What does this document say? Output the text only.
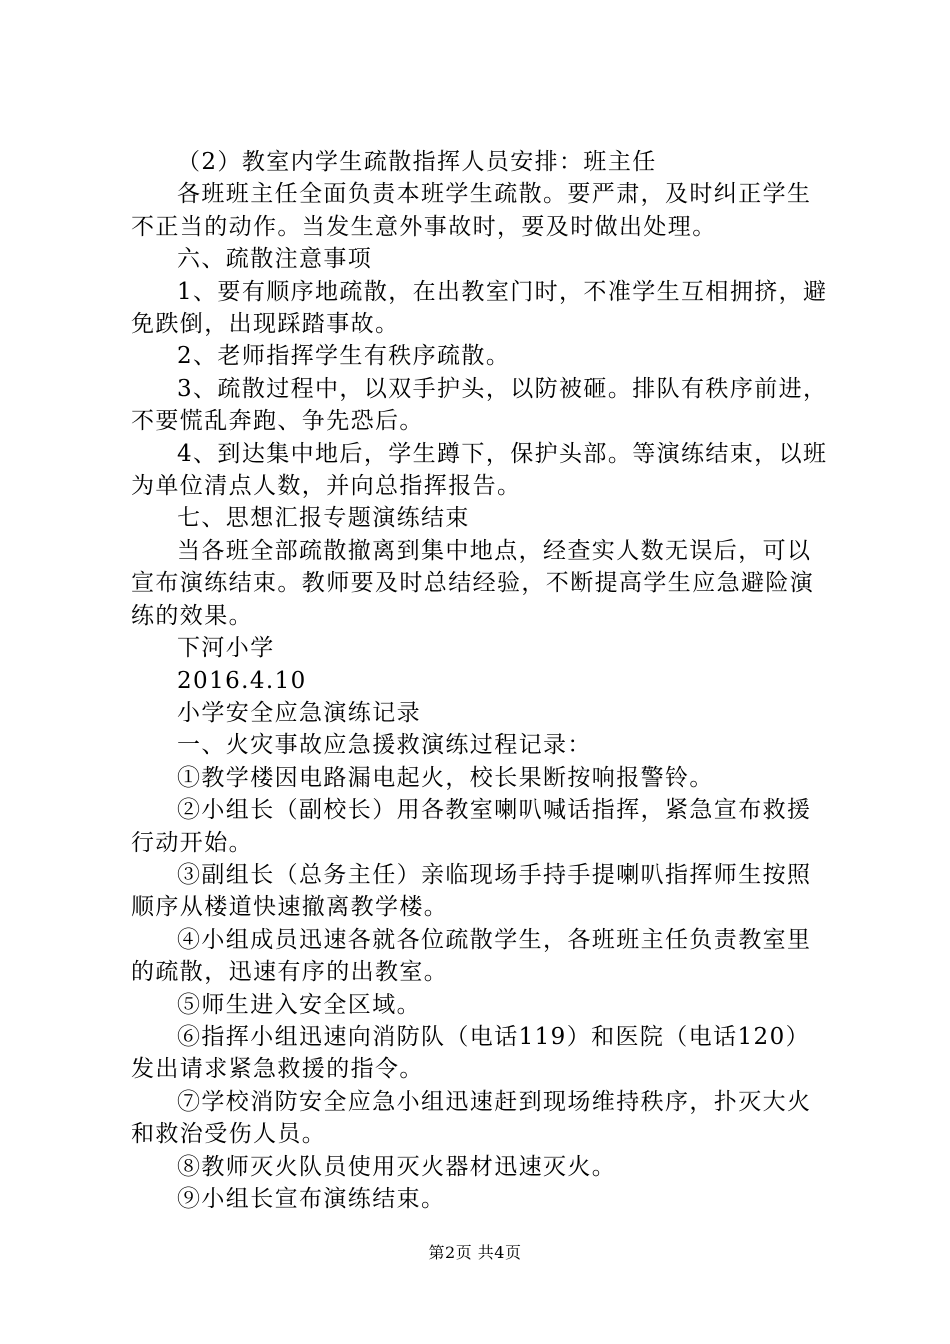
（2）教室内学生疏散指挥人员安排：班主任

各班班主任全面负责本班学生疏散。要严肃，及时纠正学生不正当的动作。当发生意外事故时，要及时做出处理。

六、疏散注意事项

1、要有顺序地疏散，在出教室门时，不准学生互相拥挤，避免跌倒，出现踩踏事故。

2、老师指挥学生有秩序疏散。

3、疏散过程中，以双手护头，以防被砸。排队有秩序前进，不要慌乱奔跑、争先恐后。

4、到达集中地后，学生蹲下，保护头部。等演练结束，以班为单位清点人数，并向总指挥报告。

七、思想汇报专题演练结束

当各班全部疏散撤离到集中地点，经查实人数无误后，可以宣布演练结束。教师要及时总结经验，不断提高学生应急避险演练的效果。

下河小学

2016.4.10

小学安全应急演练记录

一、火灾事故应急援救演练过程记录：

①教学楼因电路漏电起火，校长果断按响报警铃。

②小组长（副校长）用各教室喇叭喊话指挥，紧急宣布救援行动开始。

③副组长（总务主任）亲临现场手持手提喇叭指挥师生按照顺序从楼道快速撤离教学楼。

④小组成员迅速各就各位疏散学生，各班班主任负责教室里的疏散，迅速有序的出教室。

⑤师生进入安全区域。

⑥指挥小组迅速向消防队（电话119）和医院（电话120）发出请求紧急救援的指令。

⑦学校消防安全应急小组迅速赶到现场维持秩序，扑灭大火和救治受伤人员。

⑧教师灭火队员使用灭火器材迅速灭火。

⑨小组长宣布演练结束。

第2页 共4页
